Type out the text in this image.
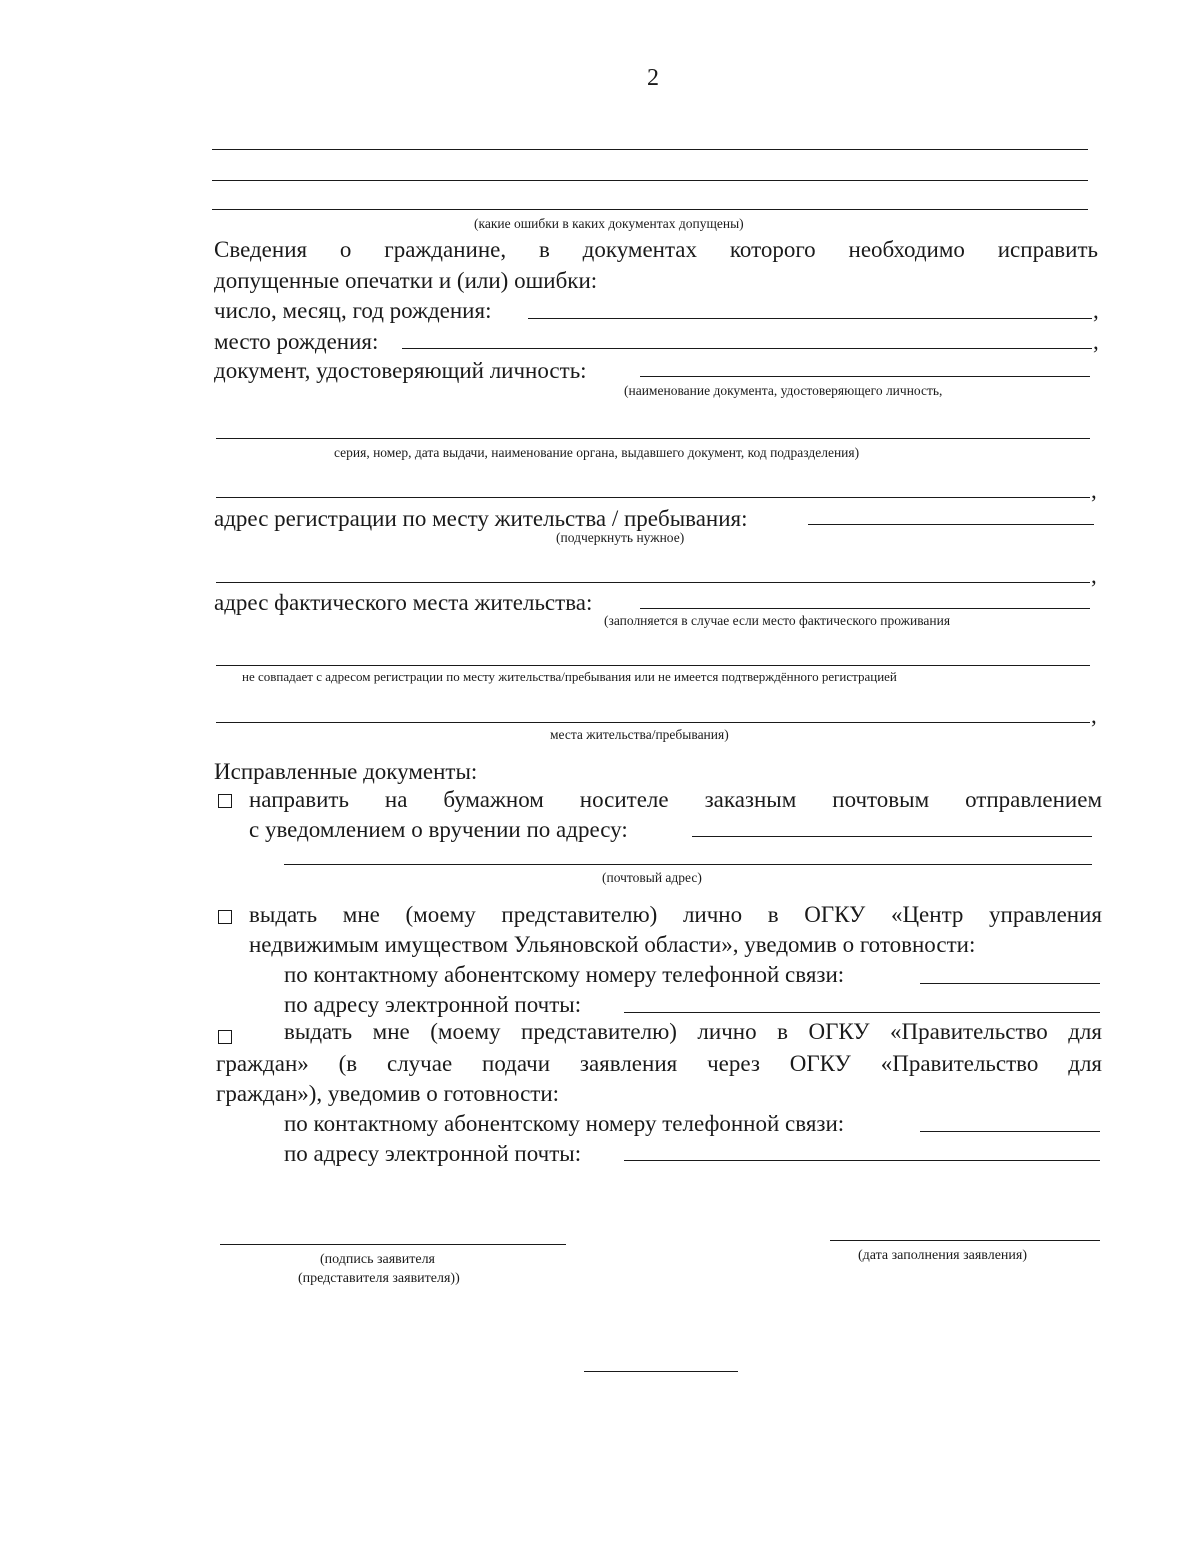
2
(какие ошибки в каких документах допущены)
Сведения о гражданине, в документах которого необходимо исправить
допущенные опечатки и (или) ошибки:
число, месяц, год рождения:	,
место рождения:	,
документ, удостоверяющий личность:
(наименование документа, удостоверяющего личность,
серия, номер, дата выдачи, наименование органа, выдавшего документ, код подразделения)
,
адрес регистрации по месту жительства / пребывания:
(подчеркнуть нужное)
,
адрес фактического места жительства:
(заполняется в случае если место фактического проживания
не совпадает с адресом регистрации по месту жительства/пребывания или не имеется подтверждённого регистрацией
,
места жительства/пребывания)
Исправленные документы:
направить на бумажном носителе заказным почтовым отправлением
с уведомлением о вручении по адресу:
(почтовый адрес)
выдать мне (моему представителю) лично в ОГКУ «Центр управления
недвижимым имуществом Ульяновской области», уведомив о готовности:
по контактному абонентскому номеру телефонной связи:
по адресу электронной почты:
выдать мне (моему представителю) лично в ОГКУ «Правительство для
граждан» (в случае подачи заявления через ОГКУ «Правительство для
граждан»), уведомив о готовности:
по контактному абонентскому номеру телефонной связи:
по адресу электронной почты:
(подпись заявителя
(представителя заявителя))
(дата заполнения заявления)
